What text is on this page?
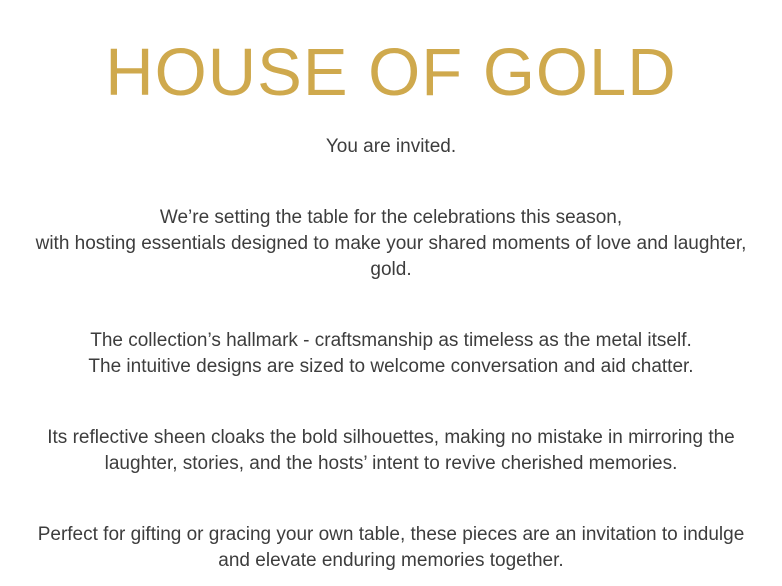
HOUSE OF GOLD

You are invited.

We’re setting the table for the celebrations this season,
with hosting essentials designed to make your shared moments of love and laughter, gold.

The collection’s hallmark - craftsmanship as timeless as the metal itself.
The intuitive designs are sized to welcome conversation and aid chatter.

Its reflective sheen cloaks the bold silhouettes, making no mistake in mirroring the laughter, stories, and the hosts’ intent to revive cherished memories.

Perfect for gifting or gracing your own table, these pieces are an invitation to indulge and elevate enduring memories together.
